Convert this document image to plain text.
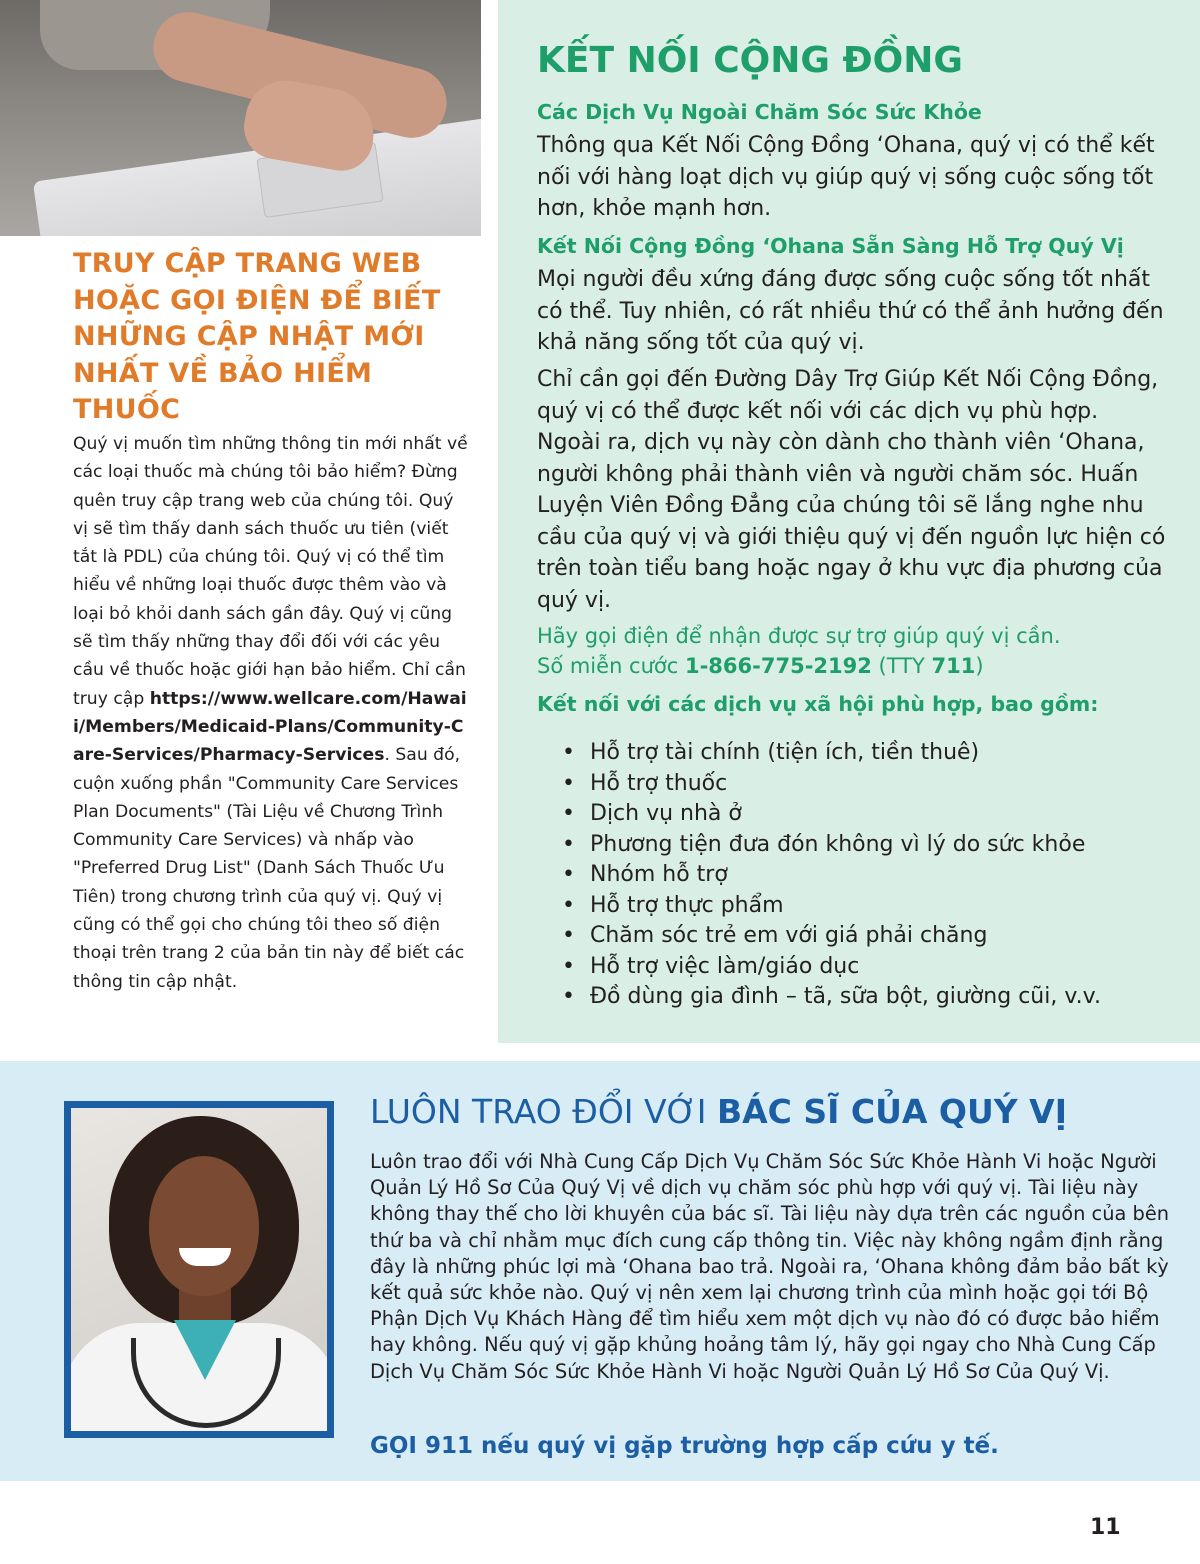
TRUY CẬP TRANG WEB HOẶC GỌI ĐIỆN ĐỂ BIẾT NHỮNG CẬP NHẬT MỚI NHẤT VỀ BẢO HIỂM THUỐC

Quý vị muốn tìm những thông tin mới nhất về các loại thuốc mà chúng tôi bảo hiểm? Đừng quên truy cập trang web của chúng tôi. Quý vị sẽ tìm thấy danh sách thuốc ưu tiên (viết tắt là PDL) của chúng tôi. Quý vị có thể tìm hiểu về những loại thuốc được thêm vào và loại bỏ khỏi danh sách gần đây. Quý vị cũng sẽ tìm thấy những thay đổi đối với các yêu cầu về thuốc hoặc giới hạn bảo hiểm. Chỉ cần truy cập https://www.wellcare.com/Hawaii/Members/Medicaid-Plans/Community-Care-Services/Pharmacy-Services. Sau đó, cuộn xuống phần "Community Care Services Plan Documents" (Tài Liệu về Chương Trình Community Care Services) và nhấp vào "Preferred Drug List" (Danh Sách Thuốc Ưu Tiên) trong chương trình của quý vị. Quý vị cũng có thể gọi cho chúng tôi theo số điện thoại trên trang 2 của bản tin này để biết các thông tin cập nhật.

KẾT NỐI CỘNG ĐỒNG
Các Dịch Vụ Ngoài Chăm Sóc Sức Khỏe

Thông qua Kết Nối Cộng Đồng ‘Ohana, quý vị có thể kết nối với hàng loạt dịch vụ giúp quý vị sống cuộc sống tốt hơn, khỏe mạnh hơn.

Kết Nối Cộng Đồng ‘Ohana Sẵn Sàng Hỗ Trợ Quý Vị

Mọi người đều xứng đáng được sống cuộc sống tốt nhất có thể. Tuy nhiên, có rất nhiều thứ có thể ảnh hưởng đến khả năng sống tốt của quý vị.

Chỉ cần gọi đến Đường Dây Trợ Giúp Kết Nối Cộng Đồng, quý vị có thể được kết nối với các dịch vụ phù hợp. Ngoài ra, dịch vụ này còn dành cho thành viên ‘Ohana, người không phải thành viên và người chăm sóc. Huấn Luyện Viên Đồng Đẳng của chúng tôi sẽ lắng nghe nhu cầu của quý vị và giới thiệu quý vị đến nguồn lực hiện có trên toàn tiểu bang hoặc ngay ở khu vực địa phương của quý vị.

Hãy gọi điện để nhận được sự trợ giúp quý vị cần.
Số miễn cước 1-866-775-2192 (TTY 711)
Kết nối với các dịch vụ xã hội phù hợp, bao gồm:
• Hỗ trợ tài chính (tiện ích, tiền thuê)
• Hỗ trợ thuốc
• Dịch vụ nhà ở
• Phương tiện đưa đón không vì lý do sức khỏe
• Nhóm hỗ trợ
• Hỗ trợ thực phẩm
• Chăm sóc trẻ em với giá phải chăng
• Hỗ trợ việc làm/giáo dục
• Đồ dùng gia đình – tã, sữa bột, giường cũi, v.v.
LUÔN TRAO ĐỔI VỚI BÁC SĨ CỦA QUÝ VỊ

Luôn trao đổi với Nhà Cung Cấp Dịch Vụ Chăm Sóc Sức Khỏe Hành Vi hoặc Người Quản Lý Hồ Sơ Của Quý Vị về dịch vụ chăm sóc phù hợp với quý vị. Tài liệu này không thay thế cho lời khuyên của bác sĩ. Tài liệu này dựa trên các nguồn của bên thứ ba và chỉ nhằm mục đích cung cấp thông tin. Việc này không ngầm định rằng đây là những phúc lợi mà ‘Ohana bao trả. Ngoài ra, ‘Ohana không đảm bảo bất kỳ kết quả sức khỏe nào. Quý vị nên xem lại chương trình của mình hoặc gọi tới Bộ Phận Dịch Vụ Khách Hàng để tìm hiểu xem một dịch vụ nào đó có được bảo hiểm hay không. Nếu quý vị gặp khủng hoảng tâm lý, hãy gọi ngay cho Nhà Cung Cấp Dịch Vụ Chăm Sóc Sức Khỏe Hành Vi hoặc Người Quản Lý Hồ Sơ Của Quý Vị.

GỌI 911 nếu quý vị gặp trường hợp cấp cứu y tế.

11
